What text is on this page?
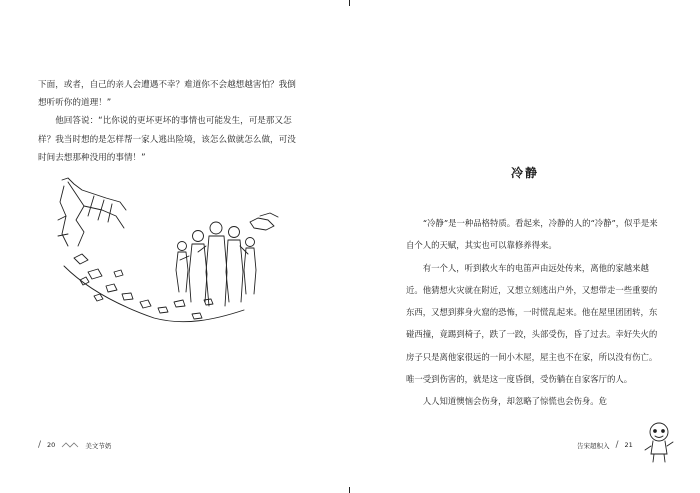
下面，或者，自己的亲人会遭遇不幸？难道你不会越想越害怕？我倒想听听你的道理！”

他回答说：“比你说的更坏更坏的事情也可能发生，可是那又怎样？我当时想的是怎样帮一家人逃出险境，该怎么做就怎么做，可没时间去想那种没用的事情！”

/ 20	美文节奶
冷静

“冷静”是一种品格特质。看起来，冷静的人的“冷静”，似乎是来自个人的天赋，其实也可以靠修养得来。

有一个人，听到救火车的电笛声由远处传来，离他的家越来越近。他猜想火灾就在附近，又想立刻逃出户外，又想带走一些重要的东西，又想到葬身火窟的恐怖，一时慌乱起来。他在屋里团团转，东碰西撞，竟踢到椅子，跌了一跤，头部受伤，昏了过去。幸好失火的房子只是离他家很远的一间小木屋，屋主也不在家，所以没有伤亡。唯一受到伤害的，就是这一度昏倒，受伤躺在自家客厅的人。

人人知道懊恼会伤身，却忽略了惊慌也会伤身。危

告宋超积入 / 21
